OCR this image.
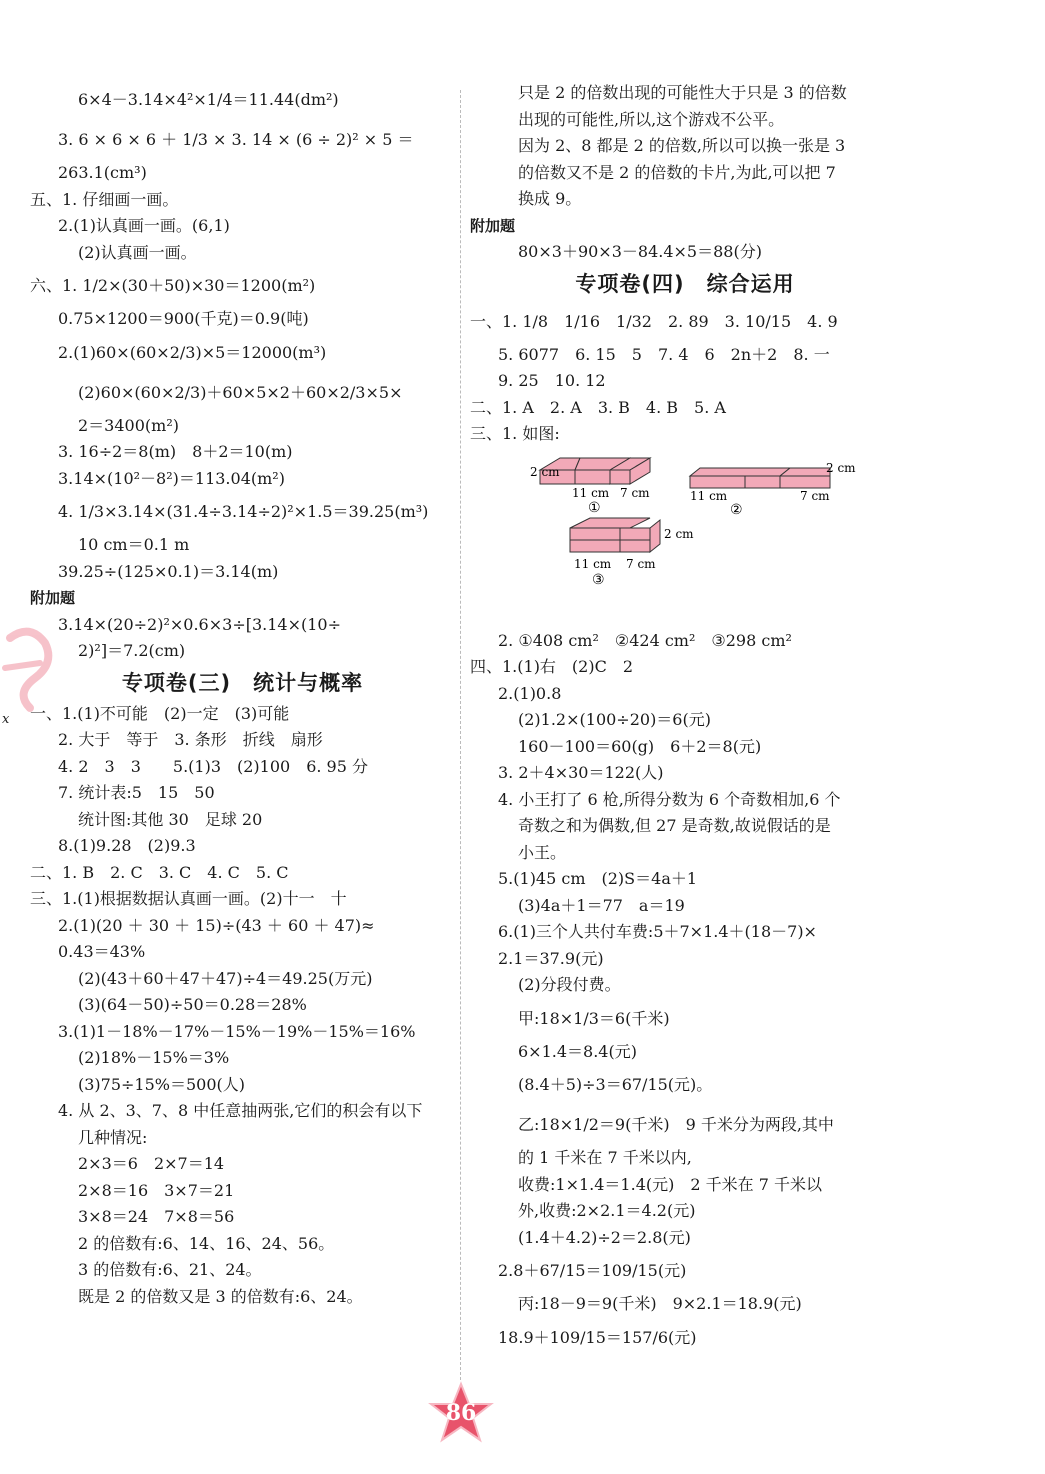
x
6×4－3.14×4²×1/4＝11.44(dm²)
3. 6 × 6 × 6 ＋ 1/3 × 3. 14 × (6 ÷ 2)² × 5 ＝
263.1(cm³)
五、1. 仔细画一画。
2.(1)认真画一画。(6,1)
(2)认真画一画。
六、1. 1/2×(30＋50)×30＝1200(m²)
0.75×1200＝900(千克)＝0.9(吨)
2.(1)60×(60×2/3)×5＝12000(m³)
(2)60×(60×2/3)＋60×5×2＋60×2/3×5×
2＝3400(m²)
3. 16÷2＝8(m)　8＋2＝10(m)
3.14×(10²－8²)＝113.04(m²)
4. 1/3×3.14×(31.4÷3.14÷2)²×1.5＝39.25(m³)
10 cm＝0.1 m
39.25÷(125×0.1)＝3.14(m)
附加题
3.14×(20÷2)²×0.6×3÷[3.14×(10÷
2)²]＝7.2(cm)
专项卷(三)　统计与概率
一、1.(1)不可能　(2)一定　(3)可能
2. 大于　等于　3. 条形　折线　扇形
4. 2　3　3　　5.(1)3　(2)100　6. 95 分
7. 统计表:5　15　50
统计图:其他 30　足球 20
8.(1)9.28　(2)9.3
二、1. B　2. C　3. C　4. C　5. C
三、1.(1)根据数据认真画一画。(2)十一　十
2.(1)(20 ＋ 30 ＋ 15)÷(43 ＋ 60 ＋ 47)≈
0.43＝43%
(2)(43＋60＋47＋47)÷4＝49.25(万元)
(3)(64－50)÷50＝0.28＝28%
3.(1)1－18%－17%－15%－19%－15%＝16%
(2)18%－15%＝3%
(3)75÷15%＝500(人)
4. 从 2、3、7、8 中任意抽两张,它们的积会有以下
几种情况:
2×3＝6　2×7＝14
2×8＝16　3×7＝21
3×8＝24　7×8＝56
2 的倍数有:6、14、16、24、56。
3 的倍数有:6、21、24。
既是 2 的倍数又是 3 的倍数有:6、24。
只是 2 的倍数出现的可能性大于只是 3 的倍数
出现的可能性,所以,这个游戏不公平。
因为 2、8 都是 2 的倍数,所以可以换一张是 3
的倍数又不是 2 的倍数的卡片,为此,可以把 7
换成 9。
附加题
80×3＋90×3－84.4×5＝88(分)
专项卷(四)　综合运用
一、1. 1/8　1/16　1/32　2. 89　3. 10/15　4. 9
5. 6077　6. 15　5　7. 4　6　2n＋2　8. 一
9. 25　10. 12
二、1. A　2. A　3. B　4. B　5. A
三、1. 如图:
2 cm
11 cm 7 cm
①
11 cm
2 cm
7 cm
②
2 cm
11 cm 7 cm
③
2. ①408 cm²　②424 cm²　③298 cm²
四、1.(1)右　(2)C　2
2.(1)0.8
(2)1.2×(100÷20)＝6(元)
160－100＝60(g)　6＋2＝8(元)
3. 2＋4×30＝122(人)
4. 小王打了 6 枪,所得分数为 6 个奇数相加,6 个
奇数之和为偶数,但 27 是奇数,故说假话的是
小王。
5.(1)45 cm　(2)S＝4a＋1
(3)4a＋1＝77　a＝19
6.(1)三个人共付车费:5＋7×1.4＋(18－7)×
2.1＝37.9(元)
(2)分段付费。
甲:18×1/3＝6(千米)
6×1.4＝8.4(元)
(8.4＋5)÷3＝67/15(元)。
乙:18×1/2＝9(千米)　9 千米分为两段,其中
的 1 千米在 7 千米以内,
收费:1×1.4＝1.4(元)　2 千米在 7 千米以
外,收费:2×2.1＝4.2(元)
(1.4＋4.2)÷2＝2.8(元)
2.8＋67/15＝109/15(元)
丙:18－9＝9(千米)　9×2.1＝18.9(元)
18.9＋109/15＝157/6(元)
86
